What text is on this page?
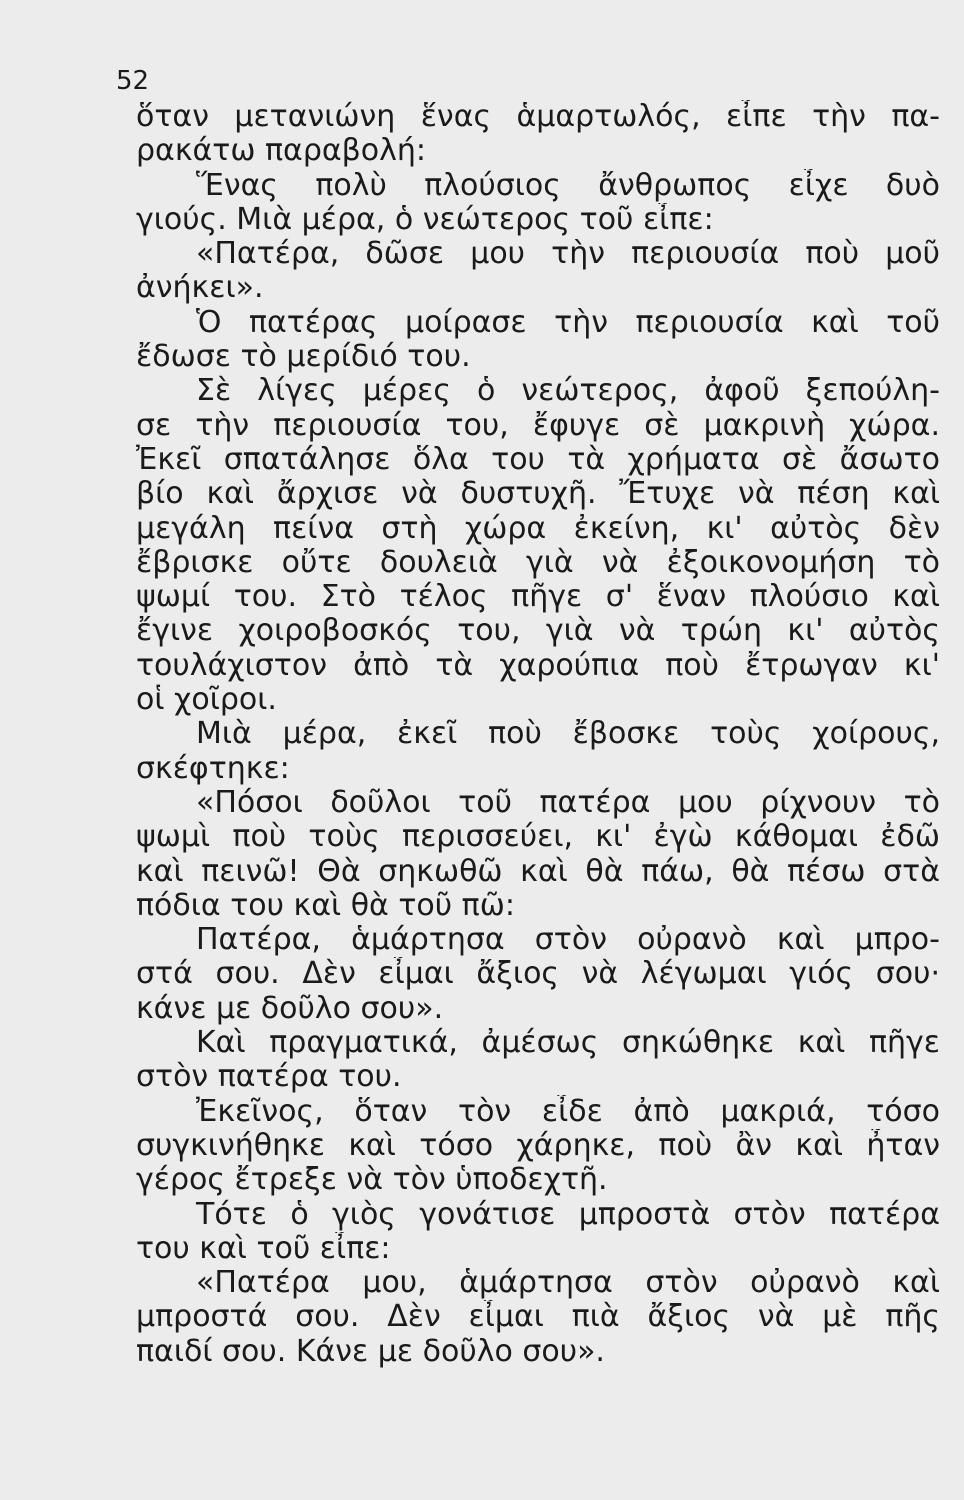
52
ὅταν μετανιώνη ἕνας ἁμαρτωλός, εἶπε τὴν πα-
ρακάτω παραβολή:
Ἕνας πολὺ πλούσιος ἄνθρωπος εἶχε δυὸ
γιούς. Μιὰ μέρα, ὁ νεώτερος τοῦ εἶπε:
«Πατέρα, δῶσε μου τὴν περιουσία ποὺ μοῦ
ἀνήκει».
Ὁ πατέρας μοίρασε τὴν περιουσία καὶ τοῦ
ἔδωσε τὸ μερίδιό του.
Σὲ λίγες μέρες ὁ νεώτερος, ἀφοῦ ξεπούλη-
σε τὴν περιουσία του, ἔφυγε σὲ μακρινὴ χώρα.
Ἐκεῖ σπατάλησε ὅλα του τὰ χρήματα σὲ ἄσωτο
βίο καὶ ἄρχισε νὰ δυστυχῆ. Ἔτυχε νὰ πέση καὶ
μεγάλη πείνα στὴ χώρα ἐκείνη, κι' αὐτὸς δὲν
ἔβρισκε οὔτε δουλειὰ γιὰ νὰ ἐξοικονομήση τὸ
ψωμί του. Στὸ τέλος πῆγε σ' ἕναν πλούσιο καὶ
ἔγινε χοιροβοσκός του, γιὰ νὰ τρώη κι' αὐτὸς
τουλάχιστον ἀπὸ τὰ χαρούπια ποὺ ἔτρωγαν κι'
οἱ χοῖροι.
Μιὰ μέρα, ἐκεῖ ποὺ ἔβοσκε τοὺς χοίρους,
σκέφτηκε:
«Πόσοι δοῦλοι τοῦ πατέρα μου ρίχνουν τὸ
ψωμὶ ποὺ τοὺς περισσεύει, κι' ἐγὼ κάθομαι ἐδῶ
καὶ πεινῶ! Θὰ σηκωθῶ καὶ θὰ πάω, θὰ πέσω στὰ
πόδια του καὶ θὰ τοῦ πῶ:
Πατέρα, ἁμάρτησα στὸν οὐρανὸ καὶ μπρο-
στά σου. Δὲν εἶμαι ἄξιος νὰ λέγωμαι γιός σου·
κάνε με δοῦλο σου».
Καὶ πραγματικά, ἀμέσως σηκώθηκε καὶ πῆγε
στὸν πατέρα του.
Ἐκεῖνος, ὅταν τὸν εἶδε ἀπὸ μακριά, τόσο
συγκινήθηκε καὶ τόσο χάρηκε, ποὺ ἂν καὶ ἦταν
γέρος ἔτρεξε νὰ τὸν ὑποδεχτῆ.
Τότε ὁ γιὸς γονάτισε μπροστὰ στὸν πατέρα
του καὶ τοῦ εἶπε:
«Πατέρα μου, ἁμάρτησα στὸν οὐρανὸ καὶ
μπροστά σου. Δὲν εἶμαι πιὰ ἄξιος νὰ μὲ πῆς
παιδί σου. Κάνε με δοῦλο σου».
